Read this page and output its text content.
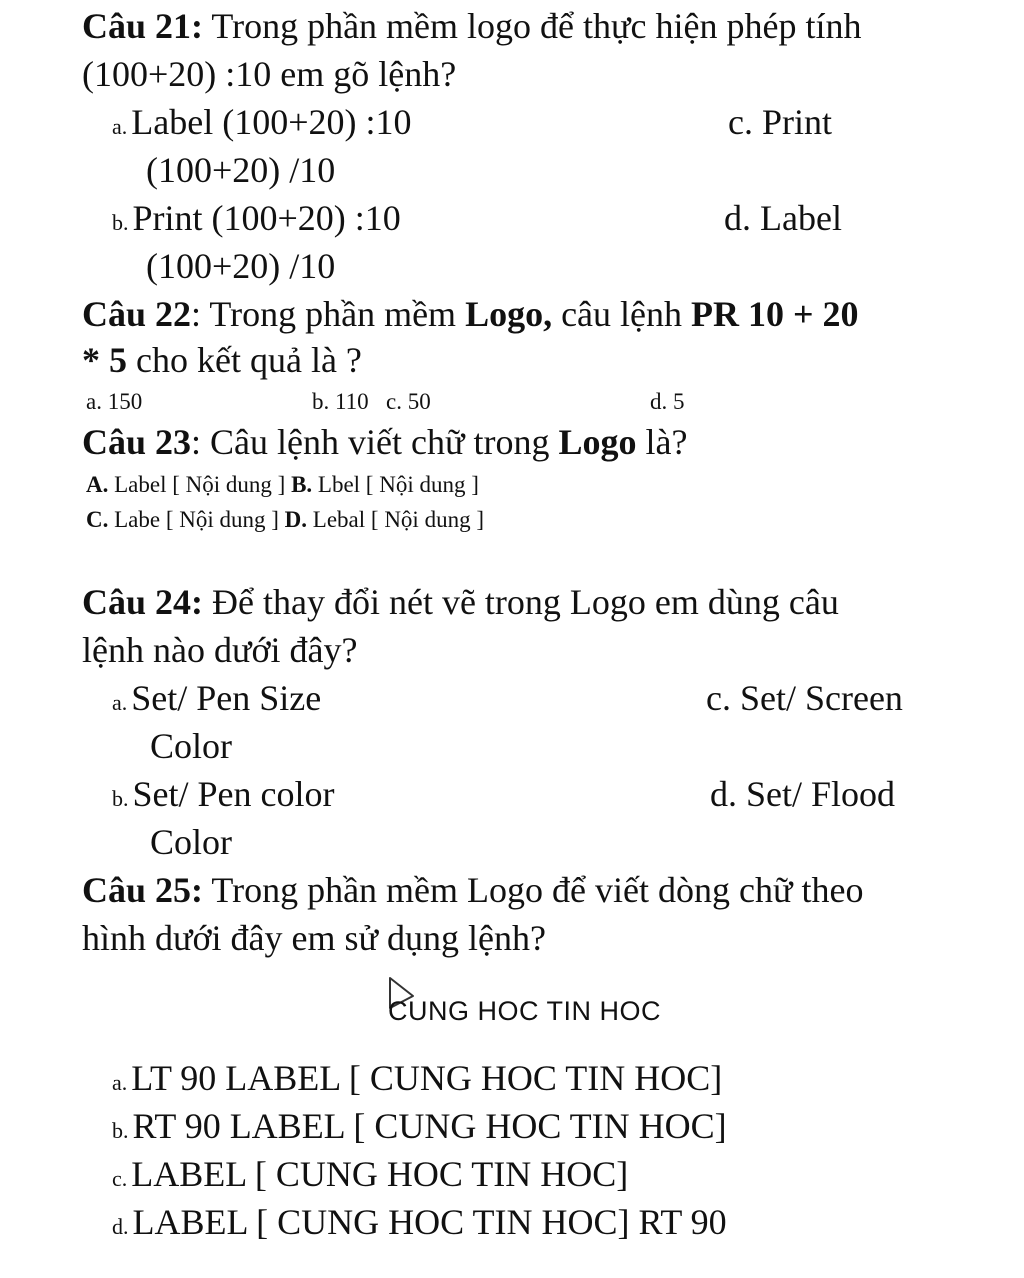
Câu 21: Trong phần mềm logo để thực hiện phép tính
(100+20) :10 em gõ lệnh?
a. Label (100+20) :10	c. Print
(100+20) /10
b. Print (100+20) :10	d. Label
(100+20) /10
Câu 22: Trong phần mềm Logo, câu lệnh PR 10 + 20
* 5 cho kết quả là ?
a. 150	b. 110 c. 50	d. 5
Câu 23: Câu lệnh viết chữ trong Logo là?
A. Label [ Nội dung ] B. Lbel [ Nội dung ]
C. Labe [ Nội dung ] D. Lebal [ Nội dung ]
Câu 24: Để thay đổi nét vẽ trong Logo em dùng câu
lệnh nào dưới đây?
a. Set/ Pen Size	c. Set/ Screen
Color
b. Set/ Pen color	d. Set/ Flood
Color
Câu 25: Trong phần mềm Logo để viết dòng chữ theo
hình dưới đây em sử dụng lệnh?
CUNG HOC TIN HOC
a. LT 90 LABEL [ CUNG HOC TIN HOC]
b. RT 90 LABEL [ CUNG HOC TIN HOC]
c. LABEL [ CUNG HOC TIN HOC]
d. LABEL [ CUNG HOC TIN HOC] RT 90
